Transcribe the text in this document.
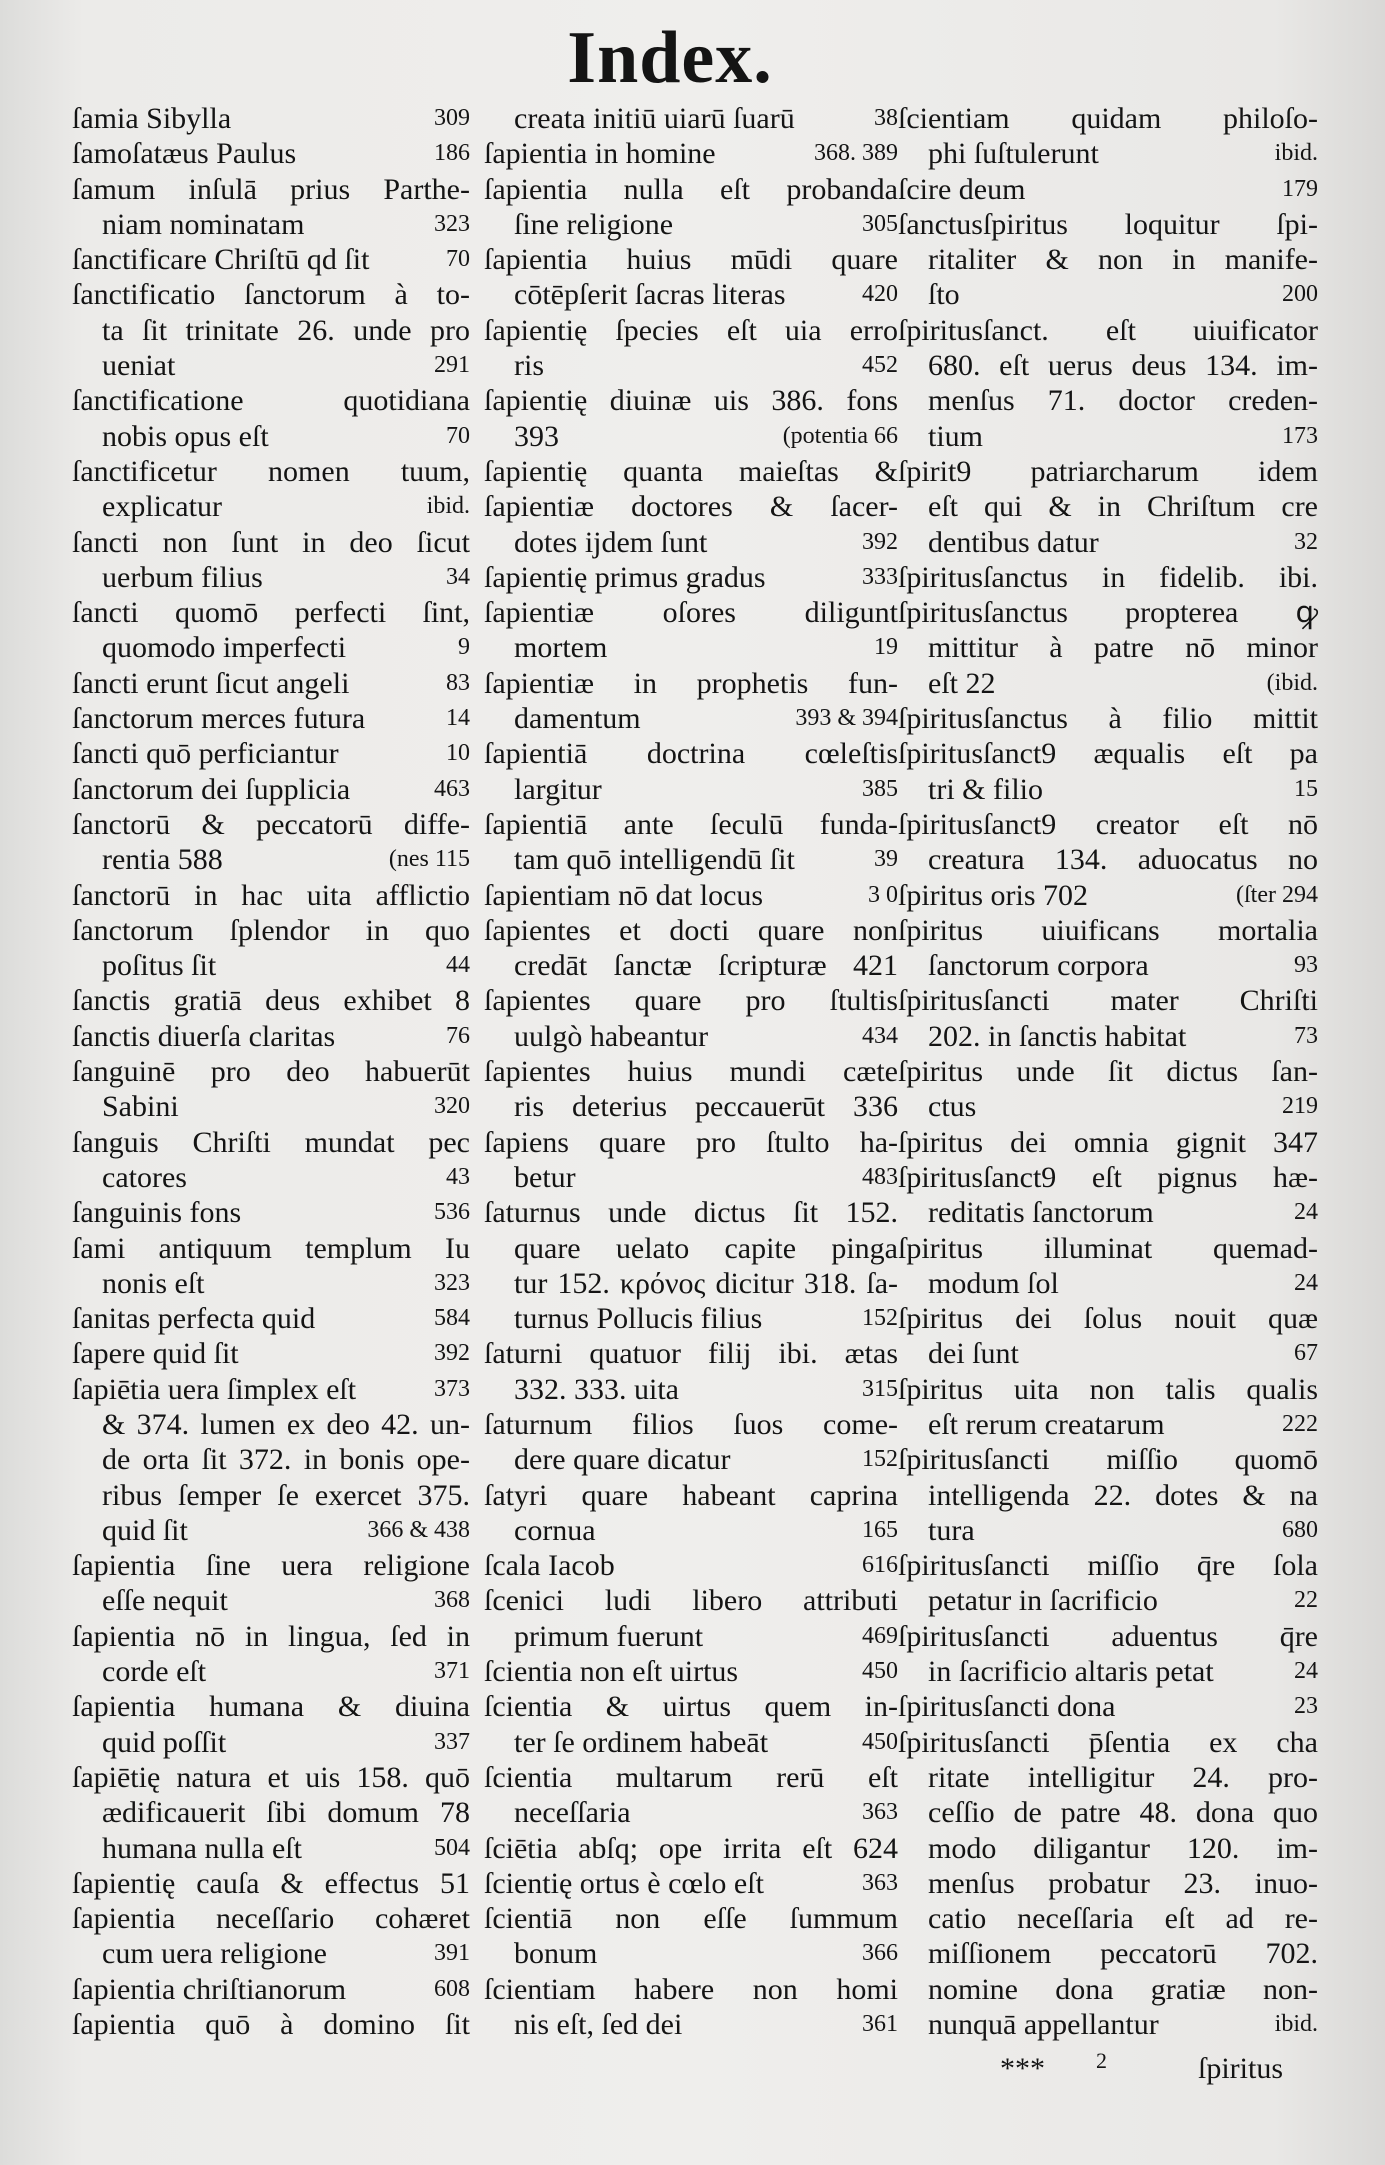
Index.
ſamia Sibylla	309
ſamoſatæus Paulus	186
ſamum inſulā prius Parthe-
niam nominatam	323
ſanctificare Chriſtū qd ſit	70
ſanctificatio ſanctorum à to-
ta ſit trinitate 26. unde pro
ueniat	291
ſanctificatione quotidiana
nobis opus eſt	70
ſanctificetur nomen tuum,
explicatur	ibid.
ſancti non ſunt in deo ſicut
uerbum filius	34
ſancti quomō perfecti ſint,
quomodo imperfecti	9
ſancti erunt ſicut angeli	83
ſanctorum merces futura	14
ſancti quō perficiantur	10
ſanctorum dei ſupplicia	463
ſanctorū & peccatorū diffe-
rentia 588	(nes 115
ſanctorū in hac uita afflictio
ſanctorum ſplendor in quo
poſitus ſit	44
ſanctis gratiā deus exhibet 8
ſanctis diuerſa claritas	76
ſanguinē pro deo habuerūt
Sabini	320
ſanguis Chriſti mundat pec
catores	43
ſanguinis fons	536
ſami antiquum templum Iu
nonis eſt	323
ſanitas perfecta quid	584
ſapere quid ſit	392
ſapiētia uera ſimplex eſt	373
& 374. lumen ex deo 42. un-
de orta ſit 372. in bonis ope-
ribus ſemper ſe exercet 375.
quid ſit	366 & 438
ſapientia ſine uera religione
eſſe nequit	368
ſapientia nō in lingua, ſed in
corde eſt	371
ſapientia humana & diuina
quid poſſit	337
ſapiētię natura et uis 158. quō
ædificauerit ſibi domum 78
humana nulla eſt	504
ſapientię cauſa & effectus 51
ſapientia neceſſario cohæret
cum uera religione	391
ſapientia chriſtianorum	608
ſapientia quō à domino ſit
creata initiū uiarū ſuarū	38
ſapientia in homine	368. 389
ſapientia nulla eſt probanda
ſine religione	305
ſapientia huius mūdi quare
cōtēpſerit ſacras literas	420
ſapientię ſpecies eſt uia erro
ris	452
ſapientię diuinæ uis 386. fons
393	(potentia 66
ſapientię quanta maieſtas &
ſapientiæ doctores & ſacer-
dotes ijdem ſunt	392
ſapientię primus gradus	333
ſapientiæ oſores diligunt
mortem	19
ſapientiæ in prophetis fun-
damentum	393 & 394
ſapientiā doctrina cœleſtis
largitur	385
ſapientiā ante ſeculū funda-
tam quō intelligendū ſit	39
ſapientiam nō dat locus	3 0
ſapientes et docti quare non
credāt ſanctæ ſcripturæ 421
ſapientes quare pro ſtultis
uulgò habeantur	434
ſapientes huius mundi cæte
ris deterius peccauerūt 336
ſapiens quare pro ſtulto ha-
betur	483
ſaturnus unde dictus ſit 152.
quare uelato capite pinga
tur 152. κρόνος dicitur 318. ſa-
turnus Pollucis filius	152
ſaturni quatuor filij ibi. ætas
332. 333. uita	315
ſaturnum filios ſuos come-
dere quare dicatur	152
ſatyri quare habeant caprina
cornua	165
ſcala Iacob	616
ſcenici ludi libero attributi
primum fuerunt	469
ſcientia non eſt uirtus	450
ſcientia & uirtus quem in-
ter ſe ordinem habeāt	450
ſcientia multarum rerū eſt
neceſſaria	363
ſciētia abſq; ope irrita eſt 624
ſcientię ortus è cœlo eſt	363
ſcientiā non eſſe ſummum
bonum	366
ſcientiam habere non homi
nis eſt, ſed dei	361
ſcientiam quidam philoſo-
phi ſuſtulerunt	ibid.
ſcire deum	179
ſanctusſpiritus loquitur ſpi-
ritaliter & non in manife-
ſto	200
ſpiritusſanct. eſt uiuificator
680. eſt uerus deus 134. im-
menſus 71. doctor creden-
tium	173
ſpirit9 patriarcharum idem
eſt qui & in Chriſtum cre
dentibus datur	32
ſpiritusſanctus in fidelib. ibi.
ſpiritusſanctus propterea ꝙ
mittitur à patre nō minor
eſt 22	(ibid.
ſpiritusſanctus à filio mittit
ſpiritusſanct9 æqualis eſt pa
tri & filio	15
ſpiritusſanct9 creator eſt nō
creatura 134. aduocatus no
ſpiritus oris 702	(ſter 294
ſpiritus uiuificans mortalia
ſanctorum corpora	93
ſpiritusſancti mater Chriſti
202. in ſanctis habitat	73
ſpiritus unde ſit dictus ſan-
ctus	219
ſpiritus dei omnia gignit 347
ſpiritusſanct9 eſt pignus hæ-
reditatis ſanctorum	24
ſpiritus illuminat quemad-
modum ſol	24
ſpiritus dei ſolus nouit quæ
dei ſunt	67
ſpiritus uita non talis qualis
eſt rerum creatarum	222
ſpiritusſancti miſſio quomō
intelligenda 22. dotes & na
tura	680
ſpiritusſancti miſſio q̄re ſola
petatur in ſacrificio	22
ſpiritusſancti aduentus q̄re
in ſacrificio altaris petat	24
ſpiritusſancti dona	23
ſpiritusſancti p̄ſentia ex cha
ritate intelligitur 24. pro-
ceſſio de patre 48. dona quo
modo diligantur 120. im-
menſus probatur 23. inuo-
catio neceſſaria eſt ad re-
miſſionem peccatorū 702.
nomine dona gratiæ non-
nunquā appellantur	ibid.
*** 2	ſpiritus
